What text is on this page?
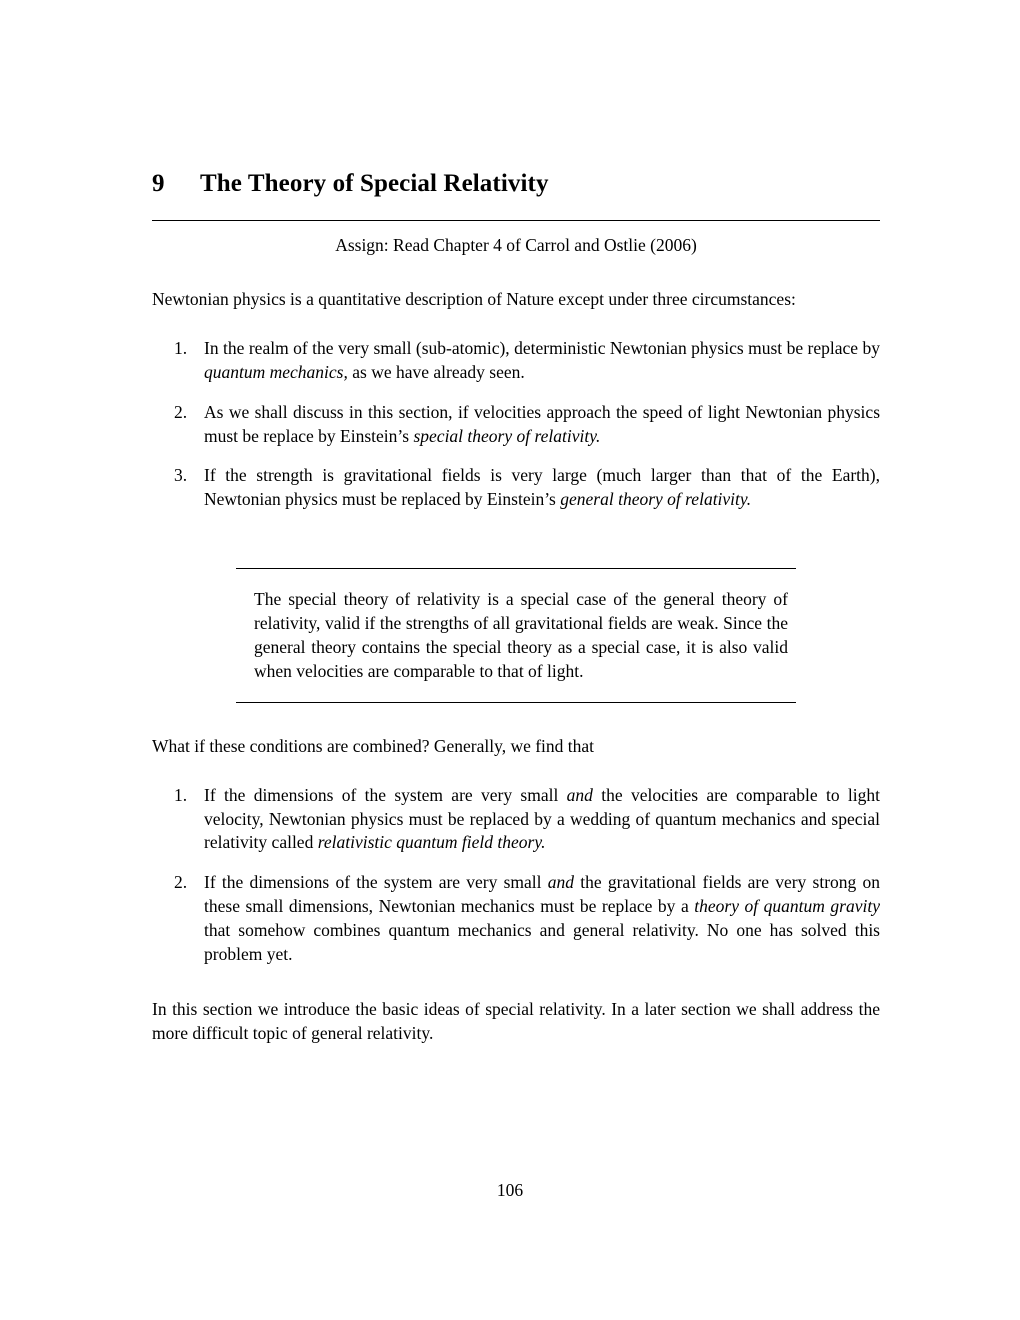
9	The Theory of Special Relativity
Assign: Read Chapter 4 of Carrol and Ostlie (2006)

Newtonian physics is a quantitative description of Nature except under three circumstances:

1. In the realm of the very small (sub-atomic), deterministic Newtonian physics must be replace by quantum mechanics, as we have already seen.
2. As we shall discuss in this section, if velocities approach the speed of light Newtonian physics must be replace by Einstein’s special theory of relativity.
3. If the strength is gravitational fields is very large (much larger than that of the Earth), Newtonian physics must be replaced by Einstein’s general theory of relativity.
The special theory of relativity is a special case of the general theory of relativity, valid if the strengths of all gravitational fields are weak. Since the general theory contains the special theory as a special case, it is also valid when velocities are comparable to that of light.

What if these conditions are combined? Generally, we find that

1. If the dimensions of the system are very small and the velocities are comparable to light velocity, Newtonian physics must be replaced by a wedding of quantum mechanics and special relativity called relativistic quantum field theory.
2. If the dimensions of the system are very small and the gravitational fields are very strong on these small dimensions, Newtonian mechanics must be replace by a theory of quantum gravity that somehow combines quantum mechanics and general relativity. No one has solved this problem yet.

In this section we introduce the basic ideas of special relativity. In a later section we shall address the more difficult topic of general relativity.

106
